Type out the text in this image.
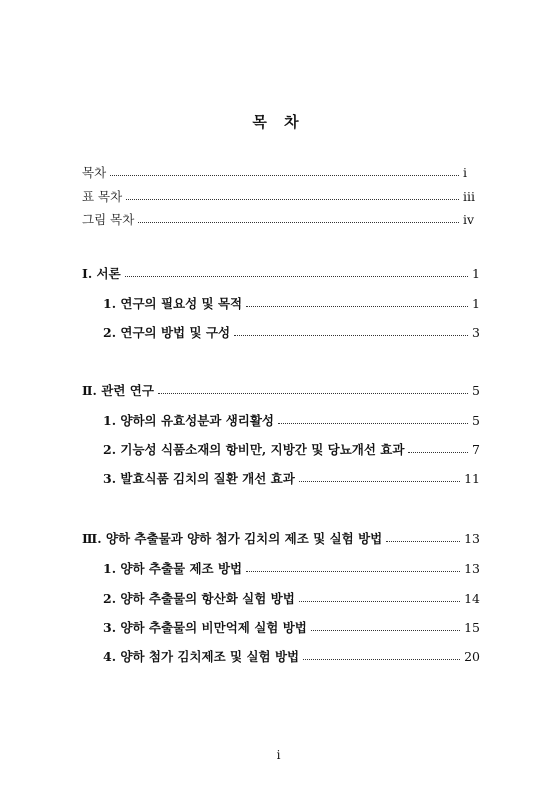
목 차
목차	i
표 목차	iii
그림 목차	iv
Ⅰ. 서론	1
1. 연구의 필요성 및 목적	1
2. 연구의 방법 및 구성	3
Ⅱ. 관련 연구	5
1. 양하의 유효성분과 생리활성	5
2. 기능성 식품소재의 항비만, 지방간 및 당뇨개선 효과	7
3. 발효식품 김치의 질환 개선 효과	11
Ⅲ. 양하 추출물과 양하 첨가 김치의 제조 및 실험 방법	13
1. 양하 추출물 제조 방법	13
2. 양하 추출물의 항산화 실험 방법	14
3. 양하 추출물의 비만억제 실험 방법	15
4. 양하 첨가 김치제조 및 실험 방법	20
i
